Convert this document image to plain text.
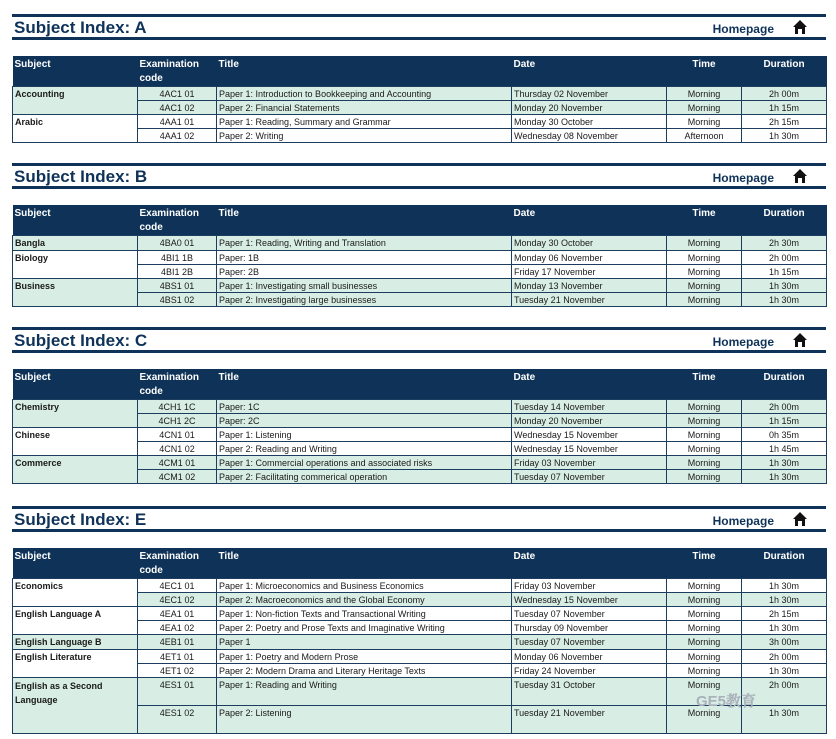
Subject Index: A	Homepage
Subject	Examination code	Title	Date	Time	Duration
Accounting	4AC1 01	Paper 1: Introduction to Bookkeeping and Accounting	Thursday 02 November	Morning	2h 00m
	4AC1 02	Paper 2: Financial Statements	Monday 20 November	Morning	1h 15m
Arabic	4AA1 01	Paper 1: Reading, Summary and Grammar	Monday 30 October	Morning	2h 15m
	4AA1 02	Paper 2: Writing	Wednesday 08 November	Afternoon	1h 30m
Subject Index: B	Homepage
Subject	Examination code	Title	Date	Time	Duration
Bangla	4BA0 01	Paper 1: Reading, Writing and Translation	Monday 30 October	Morning	2h 30m
Biology	4BI1 1B	Paper: 1B	Monday 06 November	Morning	2h 00m
	4BI1 2B	Paper: 2B	Friday 17 November	Morning	1h 15m
Business	4BS1 01	Paper 1: Investigating small businesses	Monday 13 November	Morning	1h 30m
	4BS1 02	Paper 2: Investigating large businesses	Tuesday 21 November	Morning	1h 30m
Subject Index: C	Homepage
Subject	Examination code	Title	Date	Time	Duration
Chemistry	4CH1 1C	Paper: 1C	Tuesday 14 November	Morning	2h 00m
	4CH1 2C	Paper: 2C	Monday 20 November	Morning	1h 15m
Chinese	4CN1 01	Paper 1: Listening	Wednesday 15 November	Morning	0h 35m
	4CN1 02	Paper 2: Reading and Writing	Wednesday 15 November	Morning	1h 45m
Commerce	4CM1 01	Paper 1: Commercial operations and associated risks	Friday 03 November	Morning	1h 30m
	4CM1 02	Paper 2: Facilitating commerical operation	Tuesday 07 November	Morning	1h 30m
Subject Index: E	Homepage
Subject	Examination code	Title	Date	Time	Duration
Economics	4EC1 01	Paper 1: Microeconomics and Business Economics	Friday 03 November	Morning	1h 30m
	4EC1 02	Paper 2: Macroeconomics and the Global Economy	Wednesday 15 November	Morning	1h 30m
English Language A	4EA1 01	Paper 1: Non-fiction Texts and Transactional Writing	Tuesday 07 November	Morning	2h 15m
	4EA1 02	Paper 2: Poetry and Prose Texts and Imaginative Writing	Thursday 09 November	Morning	1h 30m
English Language B	4EB1 01	Paper 1	Tuesday 07 November	Morning	3h 00m
English Literature	4ET1 01	Paper 1: Poetry and Modern Prose	Monday 06 November	Morning	2h 00m
	4ET1 02	Paper 2: Modern Drama and Literary Heritage Texts	Friday 24 November	Morning	1h 30m
English as a Second Language	4ES1 01	Paper 1: Reading and Writing	Tuesday 31 October	Morning	2h 00m
	4ES1 02	Paper 2: Listening	Tuesday 21 November	Morning	1h 30m
GE5教育
